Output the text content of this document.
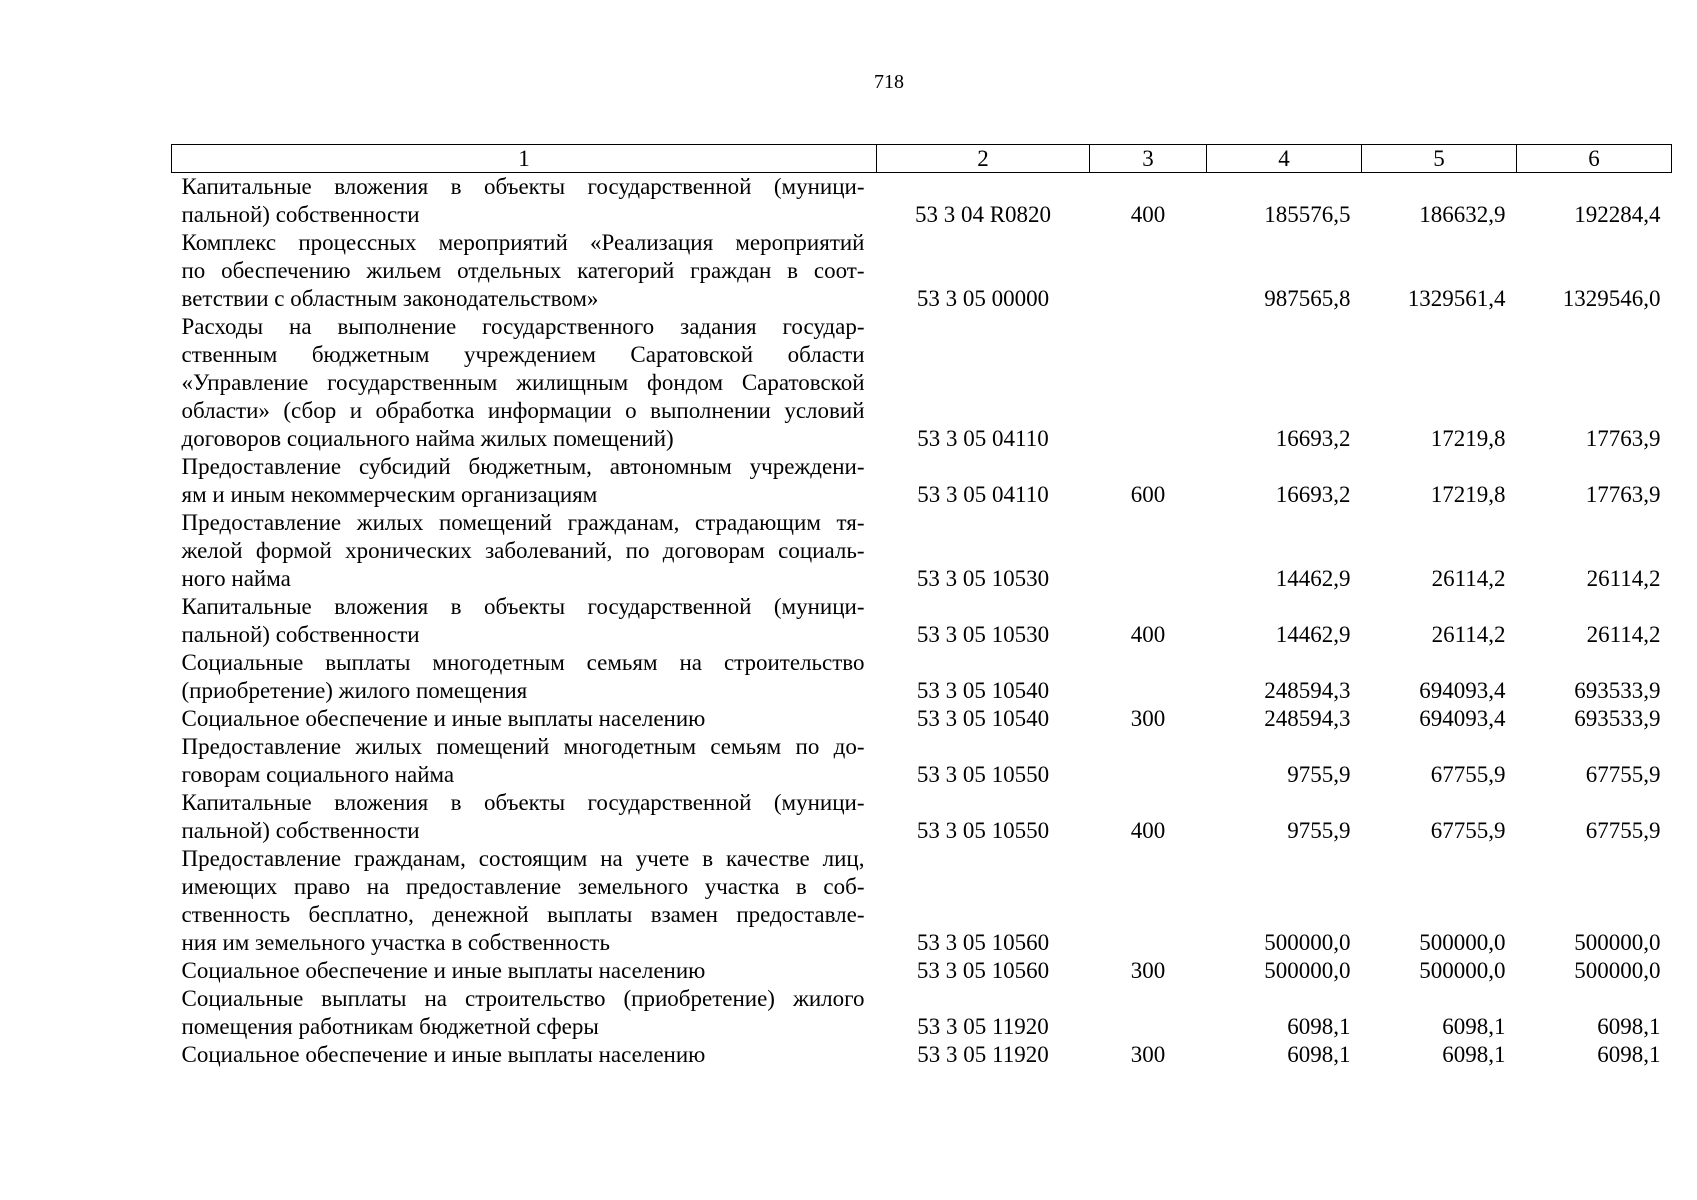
718
1	2	3	4	5	6

Капитальные вложения в объекты государственной (муници-
пальной) собственности	53 3 04 R0820	400	185576,5	186632,9	192284,4

Комплекс процессных мероприятий «Реализация мероприятий
по обеспечению жильем отдельных категорий граждан в соот-
ветствии с областным законодательством»	53 3 05 00000		987565,8	1329561,4	1329546,0

Расходы на выполнение государственного задания государ-
ственным бюджетным учреждением Саратовской области
«Управление государственным жилищным фондом Саратовской
области» (сбор и обработка информации о выполнении условий
договоров социального найма жилых помещений)	53 3 05 04110		16693,2	17219,8	17763,9

Предоставление субсидий бюджетным, автономным учреждени-
ям и иным некоммерческим организациям	53 3 05 04110	600	16693,2	17219,8	17763,9

Предоставление жилых помещений гражданам, страдающим тя-
желой формой хронических заболеваний, по договорам социаль-
ного найма	53 3 05 10530		14462,9	26114,2	26114,2

Капитальные вложения в объекты государственной (муници-
пальной) собственности	53 3 05 10530	400	14462,9	26114,2	26114,2

Социальные выплаты многодетным семьям на строительство
(приобретение) жилого помещения	53 3 05 10540		248594,3	694093,4	693533,9

Социальное обеспечение и иные выплаты населению	53 3 05 10540	300	248594,3	694093,4	693533,9

Предоставление жилых помещений многодетным семьям по до-
говорам социального найма	53 3 05 10550		9755,9	67755,9	67755,9

Капитальные вложения в объекты государственной (муници-
пальной) собственности	53 3 05 10550	400	9755,9	67755,9	67755,9

Предоставление гражданам, состоящим на учете в качестве лиц,
имеющих право на предоставление земельного участка в соб-
ственность бесплатно, денежной выплаты взамен предоставле-
ния им земельного участка в собственность	53 3 05 10560		500000,0	500000,0	500000,0

Социальное обеспечение и иные выплаты населению	53 3 05 10560	300	500000,0	500000,0	500000,0

Социальные выплаты на строительство (приобретение) жилого
помещения работникам бюджетной сферы	53 3 05 11920		6098,1	6098,1	6098,1

Социальное обеспечение и иные выплаты населению	53 3 05 11920	300	6098,1	6098,1	6098,1
